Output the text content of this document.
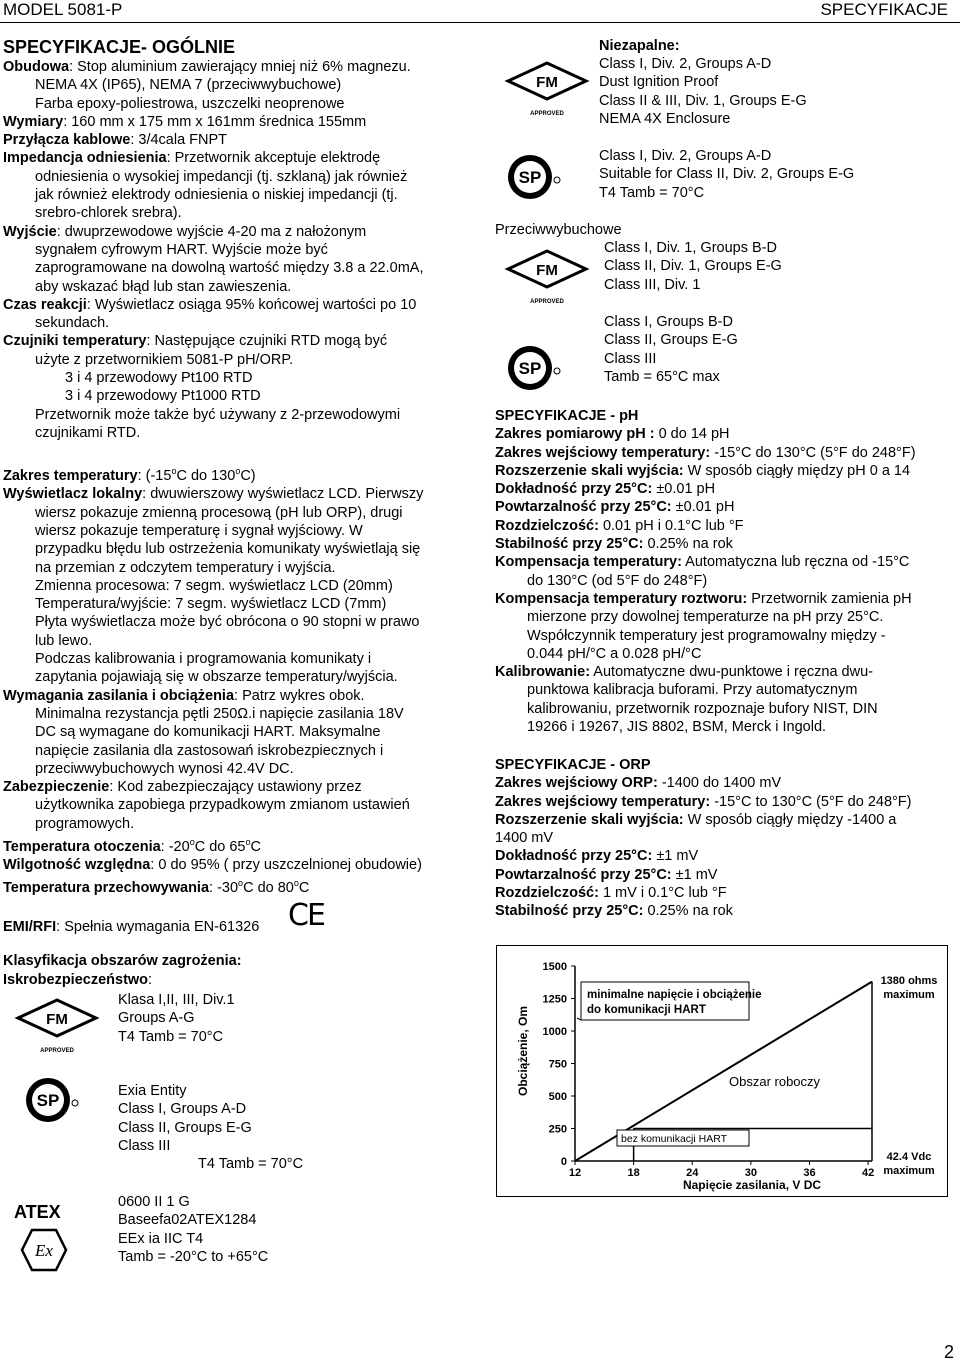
MODEL 5081-P	SPECYFIKACJE
SPECYFIKACJE- OGÓLNIE
Obudowa: Stop aluminium zawierający mniej niż 6% magnezu.
NEMA 4X (IP65), NEMA 7 (przeciwwybuchowe)
Farba epoxy-poliestrowa, uszczelki neoprenowe
Wymiary: 160 mm x 175 mm x 161mm średnica 155mm
Przyłącza kablowe: 3/4cala FNPT
Impedancja odniesienia: Przetwornik akceptuje elektrodę
odniesienia o wysokiej impedancji (tj. szklaną) jak również
jak również elektrody odniesienia o niskiej impedancji (tj.
srebro-chlorek srebra).
Wyjście: dwuprzewodowe wyjście 4-20 ma z nałożonym
sygnałem cyfrowym HART. Wyjście może być
zaprogramowane na dowolną wartość między 3.8 a 22.0mA,
aby wskazać błąd lub stan zawieszenia.
Czas reakcji: Wyświetlacz osiąga 95% końcowej wartości po 10
sekundach.
Czujniki temperatury: Następujące czujniki RTD mogą być
użyte z przetwornikiem 5081-P pH/ORP.
3 i 4 przewodowy Pt100 RTD
3 i 4 przewodowy Pt1000 RTD
Przetwornik może także być używany z 2-przewodowymi
czujnikami RTD.
Zakres temperatury: (-15$^o$C do 130$^o$C)
Wyświetlacz lokalny: dwuwierszowy wyświetlacz LCD. Pierwszy
wiersz pokazuje zmienną procesową (pH lub ORP), drugi
wiersz pokazuje temperaturę i sygnał wyjściowy. W
przypadku błędu lub ostrzeżenia komunikaty wyświetlają się
na przemian z odczytem temperatury i wyjścia.
Zmienna procesowa: 7 segm. wyświetlacz LCD (20mm)
Temperatura/wyjście: 7 segm. wyświetlacz LCD (7mm)
Płyta wyświetlacza może być obrócona o 90 stopni w prawo
lub lewo.
Podczas kalibrowania i programowania komunikaty i
zapytania pojawiają się w obszarze temperatury/wyjścia.
Wymagania zasilania i obciążenia: Patrz wykres obok.
Minimalna rezystancja pętli 250Ω.i napięcie zasilania 18V
DC są wymagane do komunikacji HART. Maksymalne
napięcie zasilania dla zastosowań iskrobezpiecznych i
przeciwwybuchowych wynosi 42.4V DC.
Zabezpieczenie: Kod zabezpieczający ustawiony przez
użytkownika zapobiega przypadkowym zmianom ustawień
programowych.
Temperatura otoczenia: -20$^o$C do 65$^o$C
Wilgotność względna: 0 do 95% ( przy uszczelnionej obudowie)
Temperatura przechowywania: -30$^o$C do 80$^o$C
EMI/RFI: Spełnia wymagania EN-61326 CE
Klasyfikacja obszarów zagrożenia:
Iskrobezpieczeństwo:
FM
APPROVED
Klasa I,II, III, Div.1
Groups A-G
T4 Tamb = 70°C
SP	Exia Entity
Class I, Groups A-D
Class II, Groups E-G
Class III
T4 Tamb = 70°C
ATEX
Ex
0600 II 1 G
Baseefa02ATEX1284
EEx ia IIC T4
Tamb = -20°C to +65°C
Niezapalne:
FM
APPROVED
Class I, Div. 2, Groups A-D
Dust Ignition Proof
Class II & III, Div. 1, Groups E-G
NEMA 4X Enclosure
SP
Class I, Div. 2, Groups A-D
Suitable for Class II, Div. 2, Groups E-G
T4 Tamb = 70°C
Przeciwwybuchowe
FM
APPROVED
Class I, Div. 1, Groups B-D
Class II, Div. 1, Groups E-G
Class III, Div. 1
SP
Class I, Groups B-D
Class II, Groups E-G
Class III
Tamb = 65°C max
SPECYFIKACJE - pH
Zakres pomiarowy pH : 0 do 14 pH
Zakres wejściowy temperatury: -15°C do 130°C (5°F do 248°F)
Rozszerzenie skali wyjścia: W sposób ciągły między pH 0 a 14
Dokładność przy 25°C: ±0.01 pH
Powtarzalność przy 25°C: ±0.01 pH
Rozdzielczość: 0.01 pH i 0.1°C lub °F
Stabilność przy 25°C: 0.25% na rok
Kompensacja temperatury: Automatyczna lub ręczna od -15°C
do 130°C (od 5°F do 248°F)
Kompensacja temperatury roztworu: Przetwornik zamienia pH
mierzone przy dowolnej temperaturze na pH przy 25°C.
Współczynnik temperatury jest programowalny między -
0.044 pH/°C a 0.028 pH/°C
Kalibrowanie: Automatyczne dwu-punktowe i ręczna dwu-
punktowa kalibracja buforami. Przy automatycznym
kalibrowaniu, przetwornik rozpoznaje bufory NIST, DIN
19266 i 19267, JIS 8802, BSM, Merck i Ingold.
SPECYFIKACJE - ORP
Zakres wejściowy ORP: -1400 do 1400 mV
Zakres wejściowy temperatury: -15°C to 130°C (5°F do 248°F)
Rozszerzenie skali wyjścia: W sposób ciągły między -1400 a
1400 mV
Dokładność przy 25°C: ±1 mV
Powtarzalność przy 25°C: ±1 mV
Rozdzielczość: 1 mV i 0.1°C lub °F
Stabilność przy 25°C: 0.25% na rok
Obciążenie, Om
Napięcie zasilania, V DC
0
250
500
750
1000
1250
1500
12	18	24	30	36	42
minimalne napięcie i obciążenie
do komunikacji HART
1380 ohms
maximum
Obszar roboczy
bez komunikacji HART
42.4 Vdc
maximum
2
